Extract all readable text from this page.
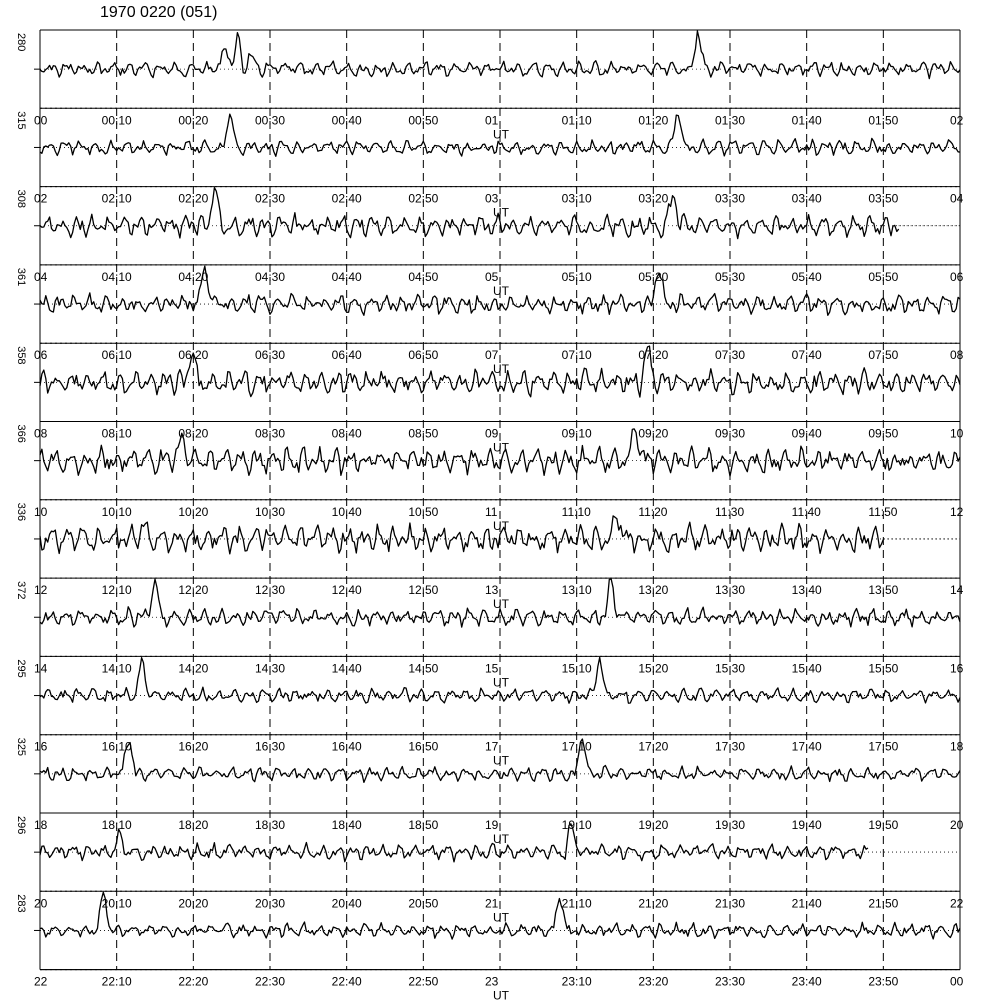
1970 0220 (051)
280
00	00:10	00:20	00:30	00:40	00:50	01	01:10	01:20	01:30	01:40	01:50	02
UT
315
02	02:10	02:20	02:30	02:40	02:50	03	03:10	03:20	03:30	03:40	03:50	04
UT
308
04	04:10	04:20	04:30	04:40	04:50	05	05:10	05:20	05:30	05:40	05:50	06
UT
361
06	06:10	06:20	06:30	06:40	06:50	07	07:10	07:20	07:30	07:40	07:50	08
UT
358
08	08:10	08:20	08:30	08:40	08:50	09	09:10	09:20	09:30	09:40	09:50	10
UT
366
10	10:10	10:20	10:30	10:40	10:50	11	11:10	11:20	11:30	11:40	11:50	12
UT
336
12	12:10	12:20	12:30	12:40	12:50	13	13:10	13:20	13:30	13:40	13:50	14
UT
372
14	14:10	14:20	14:30	14:40	14:50	15	15:10	15:20	15:30	15:40	15:50	16
UT
295
16	16:10	16:20	16:30	16:40	16:50	17	17:10	17:20	17:30	17:40	17:50	18
UT
325
18	18:10	18:20	18:30	18:40	18:50	19	19:10	19:20	19:30	19:40	19:50	20
UT
296
20	20:10	20:20	20:30	20:40	20:50	21	21:10	21:20	21:30	21:40	21:50	22
UT
283
22	22:10	22:20	22:30	22:40	22:50	23	23:10	23:20	23:30	23:40	23:50	00
UT
